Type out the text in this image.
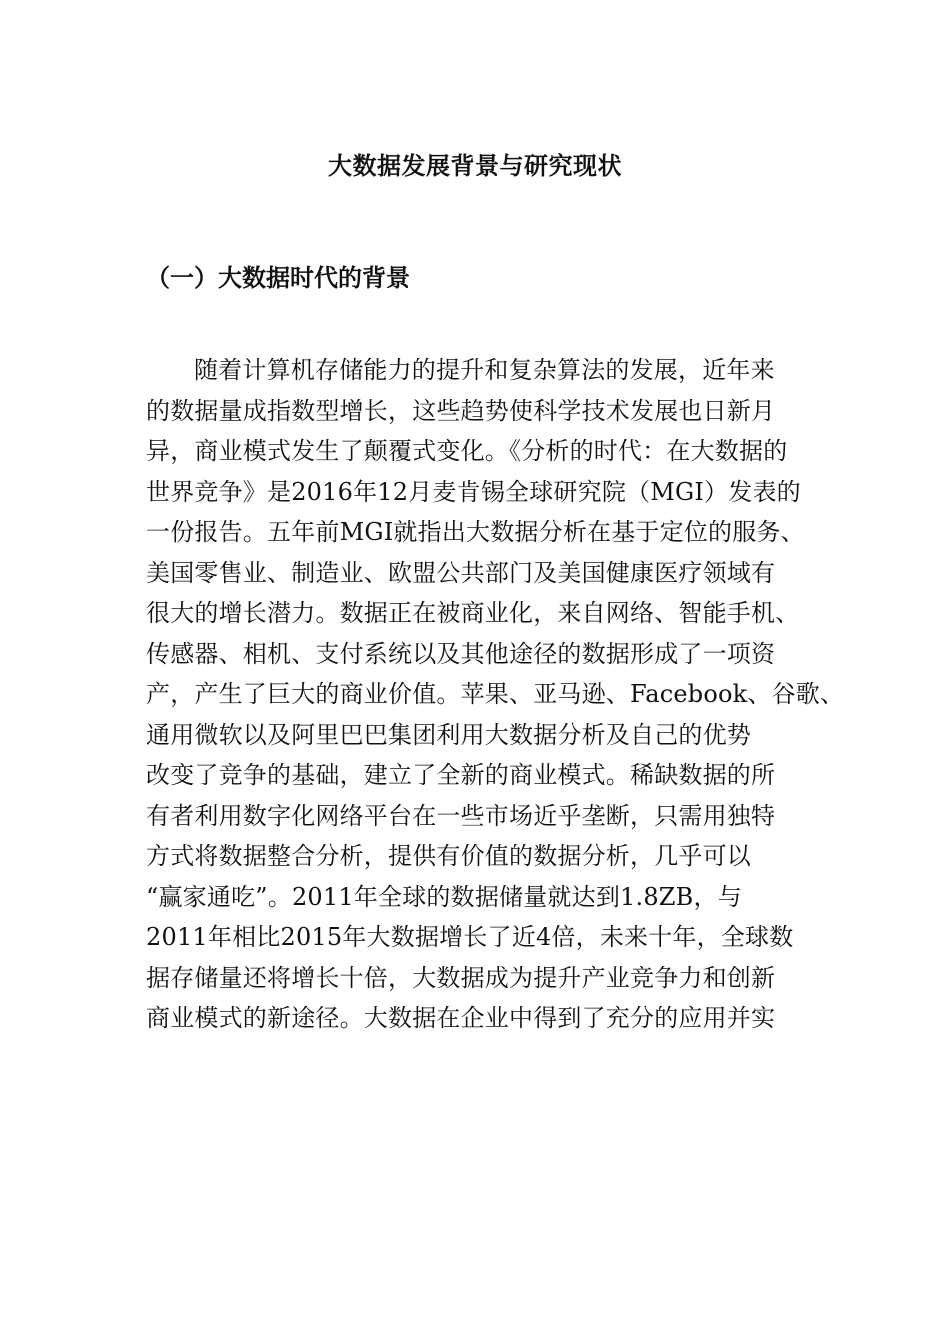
大数据发展背景与研究现状
（一）大数据时代的背景
随着计算机存储能力的提升和复杂算法的发展，近年来
的数据量成指数型增长，这些趋势使科学技术发展也日新月
异，商业模式发生了颠覆式变化。《分析的时代：在大数据的
世界竞争》是2016年12月麦肯锡全球研究院（MGI）发表的
一份报告。五年前MGI就指出大数据分析在基于定位的服务、
美国零售业、制造业、欧盟公共部门及美国健康医疗领域有
很大的增长潜力。数据正在被商业化，来自网络、智能手机、
传感器、相机、支付系统以及其他途径的数据形成了一项资
产，产生了巨大的商业价值。苹果、亚马逊、Facebook、谷歌、
通用微软以及阿里巴巴集团利用大数据分析及自己的优势
改变了竞争的基础，建立了全新的商业模式。稀缺数据的所
有者利用数字化网络平台在一些市场近乎垄断，只需用独特
方式将数据整合分析，提供有价值的数据分析，几乎可以
“赢家通吃”。2011年全球的数据储量就达到1.8ZB，与
2011年相比2015年大数据增长了近4倍，未来十年，全球数
据存储量还将增长十倍，大数据成为提升产业竞争力和创新
商业模式的新途径。大数据在企业中得到了充分的应用并实
